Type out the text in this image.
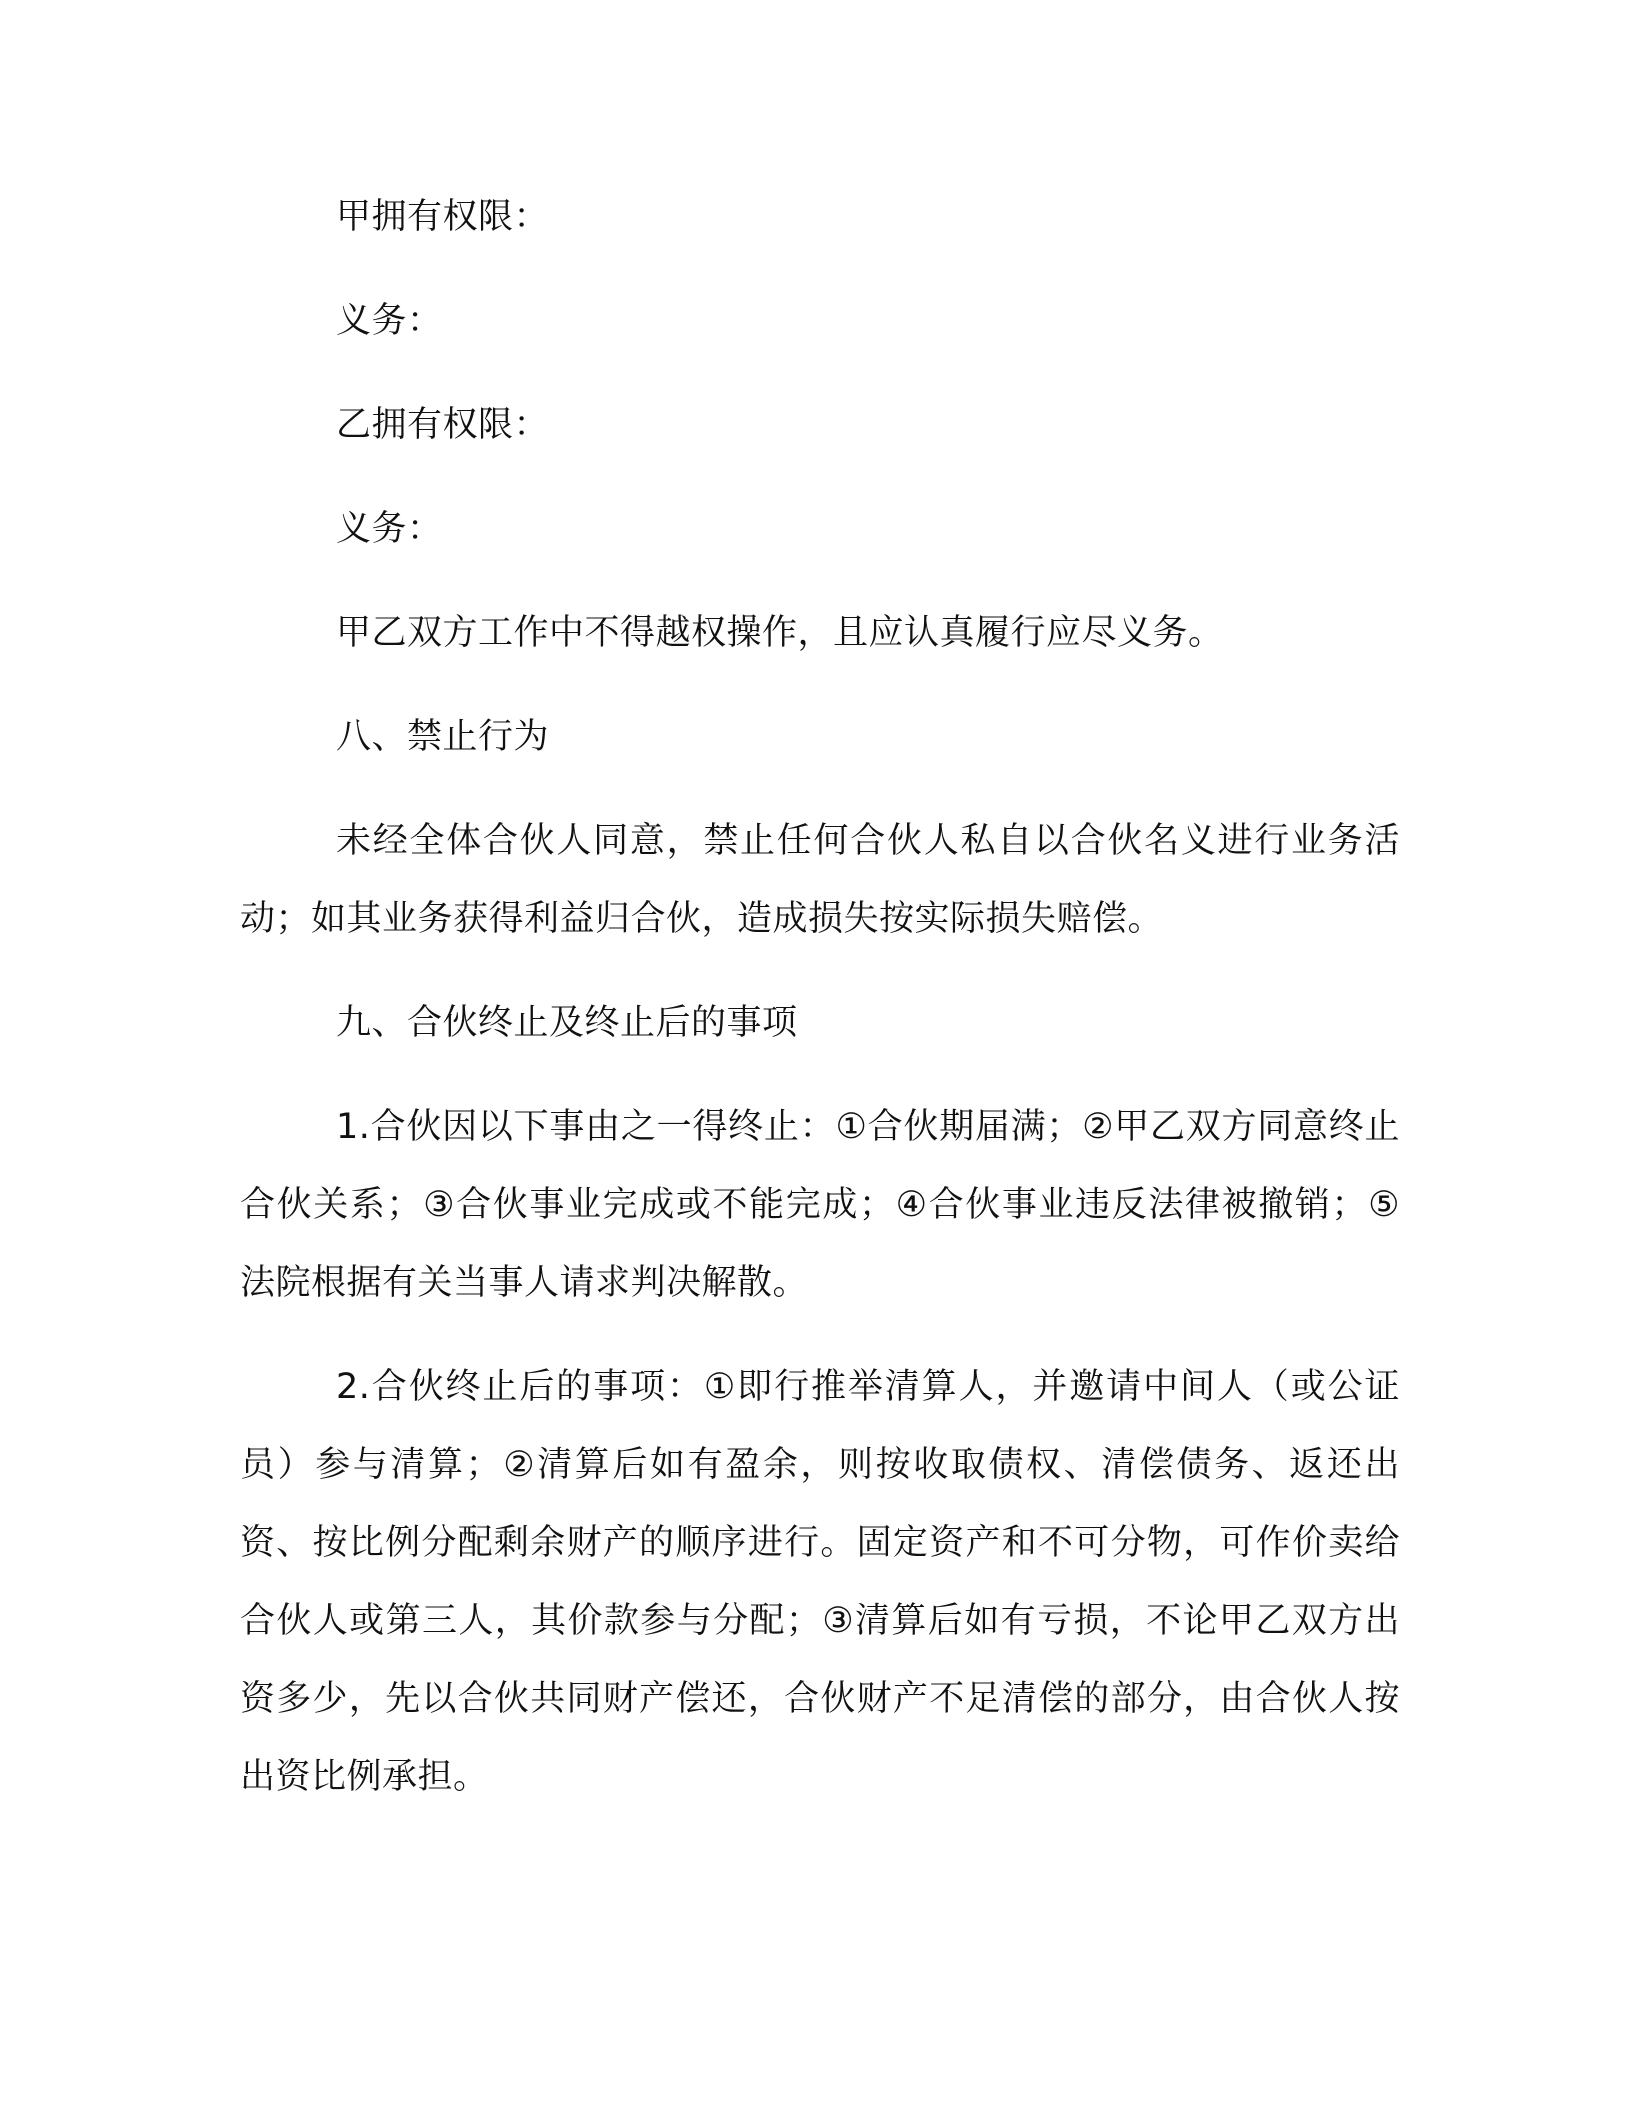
甲拥有权限：

义务：

乙拥有权限：

义务：

甲乙双方工作中不得越权操作，且应认真履行应尽义务。

八、禁止行为

未经全体合伙人同意，禁止任何合伙人私自以合伙名义进行业务活动；如其业务获得利益归合伙，造成损失按实际损失赔偿。

九、合伙终止及终止后的事项

1.合伙因以下事由之一得终止：①合伙期届满；②甲乙双方同意终止合伙关系；③合伙事业完成或不能完成；④合伙事业违反法律被撤销；⑤法院根据有关当事人请求判决解散。

2.合伙终止后的事项：①即行推举清算人，并邀请中间人（或公证员）参与清算；②清算后如有盈余，则按收取债权、清偿债务、返还出资、按比例分配剩余财产的顺序进行。固定资产和不可分物，可作价卖给合伙人或第三人，其价款参与分配；③清算后如有亏损，不论甲乙双方出资多少，先以合伙共同财产偿还，合伙财产不足清偿的部分，由合伙人按出资比例承担。
